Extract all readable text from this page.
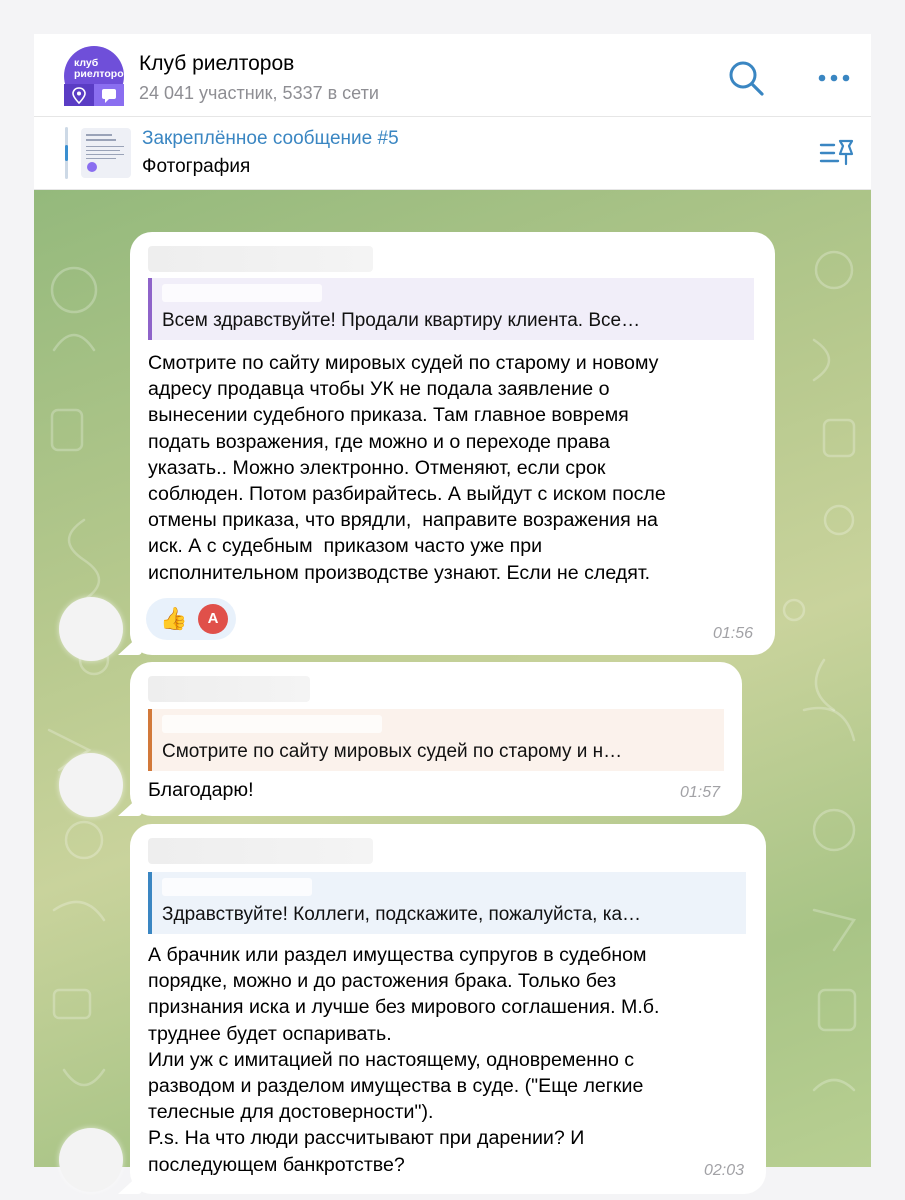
клуб
риелторов Клуб риелторов
24 041 участник, 5337 в сети
Закреплённое сообщение #5
Фотография
Всем здравствуйте! Продали квартиру клиента. Все…
Смотрите по сайту мировых судей по старому и новому
адресу продавца чтобы УК не подала заявление о
вынесении судебного приказа. Там главное вовремя
подать возражения, где можно и о переходе права
указать.. Можно электронно. Отменяют, если срок
соблюден. Потом разбирайтесь. А выйдут с иском после
отмены приказа, что врядли,  направите возражения на
иск. А с судебным  приказом часто уже при
исполнительном производстве узнают. Если не следят.
👍	А
01:56
Смотрите по сайту мировых судей по старому и н…
Благодарю!	01:57
Здравствуйте! Коллеги, подскажите, пожалуйста, ка…
А брачник или раздел имущества супругов в судебном
порядке, можно и до растожения брака. Только без
признания иска и лучше без мирового соглашения. М.б.
труднее будет оспаривать.
Или уж с имитацией по настоящему, одновременно с
разводом и разделом имущества в суде. ("Еще легкие
телесные для достоверности").
P.s. На что люди рассчитывают при дарении? И
последующем банкротстве?	02:03
